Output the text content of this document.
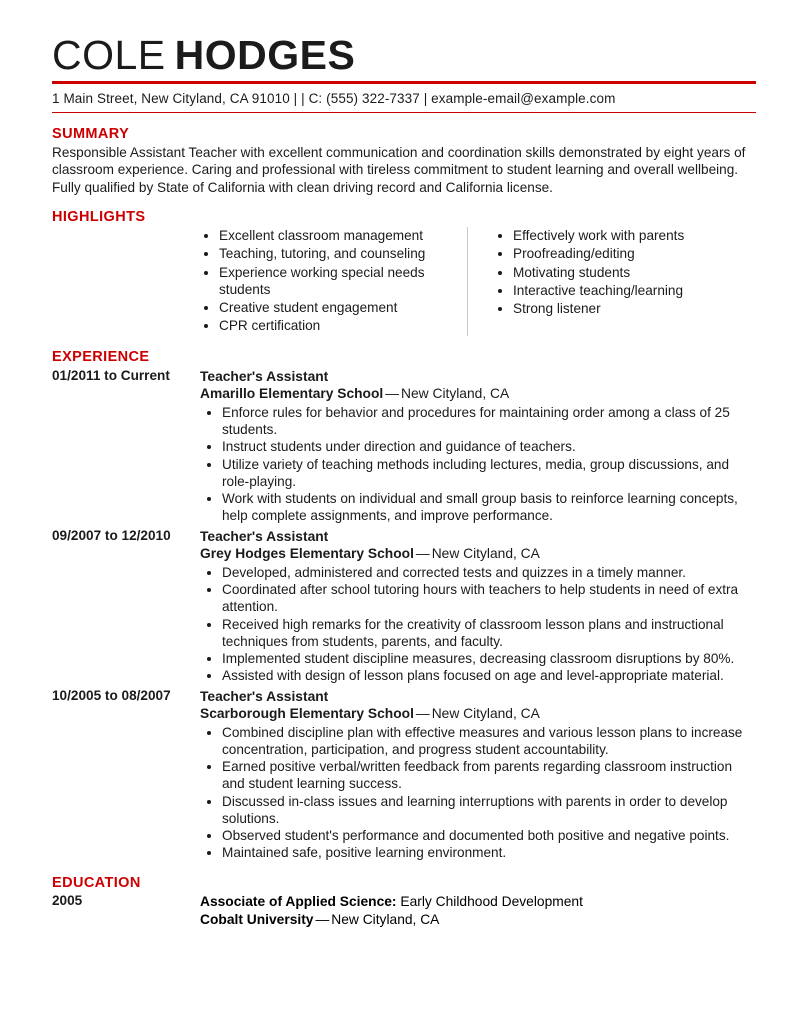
COLE HODGES
1 Main Street, New Cityland, CA 91010 | | C: (555) 322-7337 | example-email@example.com
SUMMARY

Responsible Assistant Teacher with excellent communication and coordination skills demonstrated by eight years of classroom experience. Caring and professional with tireless commitment to student learning and overall wellbeing. Fully qualified by State of California with clean driving record and California license.

HIGHLIGHTS
Excellent classroom management
Teaching, tutoring, and counseling
Experience working special needs students
Creative student engagement
CPR certification
Effectively work with parents
Proofreading/editing
Motivating students
Interactive teaching/learning
Strong listener
EXPERIENCE
01/2011 to Current	Teacher's Assistant
Amarillo Elementary School — New Cityland, CA
Enforce rules for behavior and procedures for maintaining order among a class of 25 students.
Instruct students under direction and guidance of teachers.
Utilize variety of teaching methods including lectures, media, group discussions, and role-playing.
Work with students on individual and small group basis to reinforce learning concepts, help complete assignments, and improve performance.
09/2007 to 12/2010	Teacher's Assistant
Grey Hodges Elementary School — New Cityland, CA
Developed, administered and corrected tests and quizzes in a timely manner.
Coordinated after school tutoring hours with teachers to help students in need of extra attention.
Received high remarks for the creativity of classroom lesson plans and instructional techniques from students, parents, and faculty.
Implemented student discipline measures, decreasing classroom disruptions by 80%.
Assisted with design of lesson plans focused on age and level-appropriate material.
10/2005 to 08/2007	Teacher's Assistant
Scarborough Elementary School — New Cityland, CA
Combined discipline plan with effective measures and various lesson plans to increase concentration, participation, and progress student accountability.
Earned positive verbal/written feedback from parents regarding classroom instruction and student learning success.
Discussed in-class issues and learning interruptions with parents in order to develop solutions.
Observed student's performance and documented both positive and negative points.
Maintained safe, positive learning environment.
EDUCATION
2005	Associate of Applied Science: Early Childhood Development
Cobalt University — New Cityland, CA
